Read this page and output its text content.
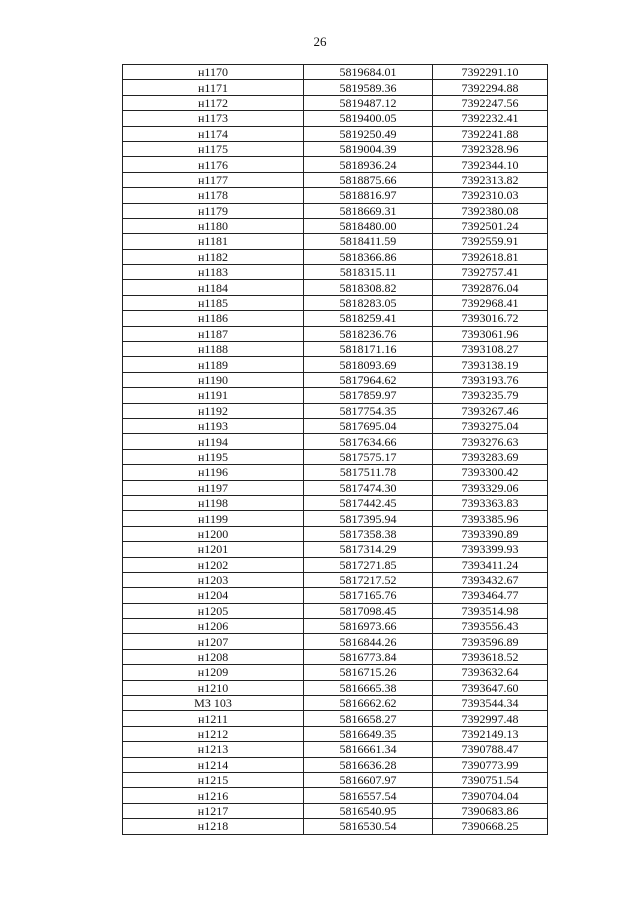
26
н1170	5819684.01	7392291.10
н1171	5819589.36	7392294.88
н1172	5819487.12	7392247.56
н1173	5819400.05	7392232.41
н1174	5819250.49	7392241.88
н1175	5819004.39	7392328.96
н1176	5818936.24	7392344.10
н1177	5818875.66	7392313.82
н1178	5818816.97	7392310.03
н1179	5818669.31	7392380.08
н1180	5818480.00	7392501.24
н1181	5818411.59	7392559.91
н1182	5818366.86	7392618.81
н1183	5818315.11	7392757.41
н1184	5818308.82	7392876.04
н1185	5818283.05	7392968.41
н1186	5818259.41	7393016.72
н1187	5818236.76	7393061.96
н1188	5818171.16	7393108.27
н1189	5818093.69	7393138.19
н1190	5817964.62	7393193.76
н1191	5817859.97	7393235.79
н1192	5817754.35	7393267.46
н1193	5817695.04	7393275.04
н1194	5817634.66	7393276.63
н1195	5817575.17	7393283.69
н1196	5817511.78	7393300.42
н1197	5817474.30	7393329.06
н1198	5817442.45	7393363.83
н1199	5817395.94	7393385.96
н1200	5817358.38	7393390.89
н1201	5817314.29	7393399.93
н1202	5817271.85	7393411.24
н1203	5817217.52	7393432.67
н1204	5817165.76	7393464.77
н1205	5817098.45	7393514.98
н1206	5816973.66	7393556.43
н1207	5816844.26	7393596.89
н1208	5816773.84	7393618.52
н1209	5816715.26	7393632.64
н1210	5816665.38	7393647.60
МЗ 103	5816662.62	7393544.34
н1211	5816658.27	7392997.48
н1212	5816649.35	7392149.13
н1213	5816661.34	7390788.47
н1214	5816636.28	7390773.99
н1215	5816607.97	7390751.54
н1216	5816557.54	7390704.04
н1217	5816540.95	7390683.86
н1218	5816530.54	7390668.25
